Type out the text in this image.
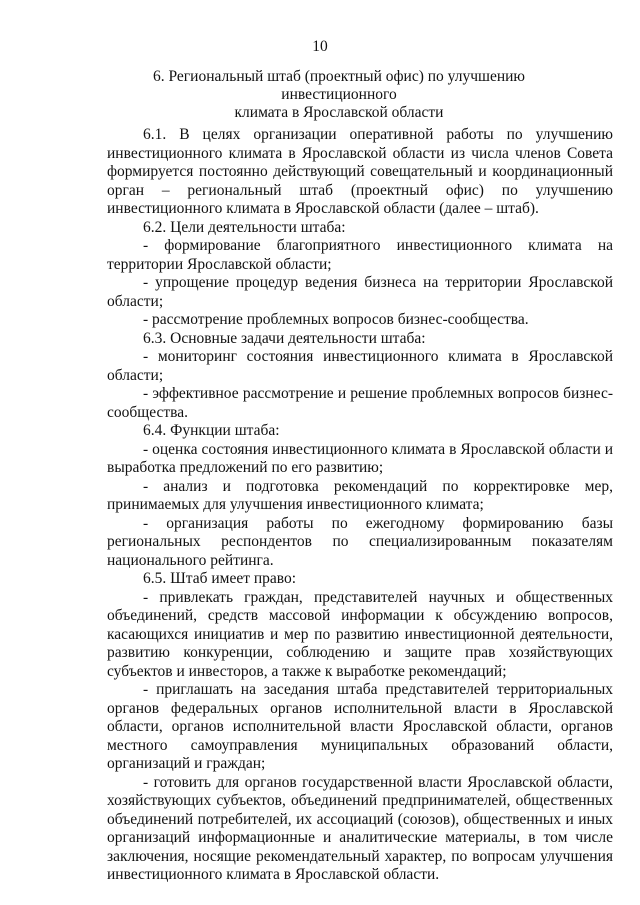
10
6. Региональный штаб (проектный офис) по улучшению инвестиционного
климата в Ярославской области

6.1. В целях организации оперативной работы по улучшению инвестиционного климата в Ярославской области из числа членов Совета формируется постоянно действующий совещательный и координационный орган – региональный штаб (проектный офис) по улучшению инвестиционного климата в Ярославской области (далее – штаб).

6.2. Цели деятельности штаба:

- формирование благоприятного инвестиционного климата на территории Ярославской области;

- упрощение процедур ведения бизнеса на территории Ярославской области;

- рассмотрение проблемных вопросов бизнес-сообщества.

6.3. Основные задачи деятельности штаба:

- мониторинг состояния инвестиционного климата в Ярославской области;

- эффективное рассмотрение и решение проблемных вопросов бизнес-сообщества.

6.4. Функции штаба:

- оценка состояния инвестиционного климата в Ярославской области и выработка предложений по его развитию;

- анализ и подготовка рекомендаций по корректировке мер, принимаемых для улучшения инвестиционного климата;

- организация работы по ежегодному формированию базы региональных респондентов по специализированным показателям национального рейтинга.

6.5. Штаб имеет право:

- привлекать граждан, представителей научных и общественных объединений, средств массовой информации к обсуждению вопросов, касающихся инициатив и мер по развитию инвестиционной деятельности, развитию конкуренции, соблюдению и защите прав хозяйствующих субъектов и инвесторов, а также к выработке рекомендаций;

- приглашать на заседания штаба представителей территориальных органов федеральных органов исполнительной власти в Ярославской области, органов исполнительной власти Ярославской области, органов местного самоуправления муниципальных образований области, организаций и граждан;

- готовить для органов государственной власти Ярославской области, хозяйствующих субъектов, объединений предпринимателей, общественных объединений потребителей, их ассоциаций (союзов), общественных и иных организаций информационные и аналитические материалы, в том числе заключения, носящие рекомендательный характер, по вопросам улучшения инвестиционного климата в Ярославской области.
